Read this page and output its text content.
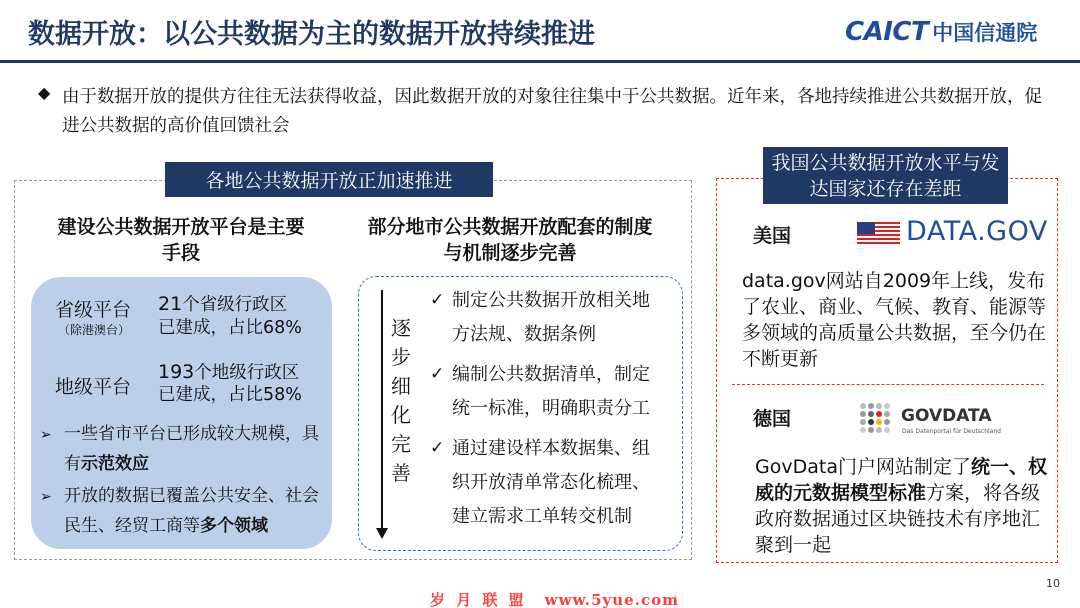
数据开放：以公共数据为主的数据开放持续推进	CAICT 中国信通院
◆ 由于数据开放的提供方往往无法获得收益，因此数据开放的对象往往集中于公共数据。近年来，各地持续推进公共数据开放，促进公共数据的高价值回馈社会
各地公共数据开放正加速推进
建设公共数据开放平台是主要手段
部分地市公共数据开放配套的制度与机制逐步完善
省级平台
（除港澳台）
21个省级行政区
已建成，占比68%
地级平台
193个地级行政区
已建成，占比58%
➢ 一些省市平台已形成较大规模，具有示范效应
➢ 开放的数据已覆盖公共安全、社会民生、经贸工商等多个领域
逐步细化完善
✓ 制定公共数据开放相关地
方法规、数据条例
✓ 编制公共数据清单，制定
统一标准，明确职责分工
✓ 通过建设样本数据集、组
织开放清单常态化梳理、
建立需求工单转交机制
我国公共数据开放水平与发达国家还存在差距
美国	DATA.GOV
data.gov网站自2009年上线，发布了农业、商业、气候、教育、能源等多领域的高质量公共数据，至今仍在不断更新
德国	GOVDATA
Das Datenportal für Deutschland
GovData门户网站制定了统一、权威的元数据模型标准方案，将各级政府数据通过区块链技术有序地汇聚到一起
10
岁 月 联 盟 www.5yue.com
